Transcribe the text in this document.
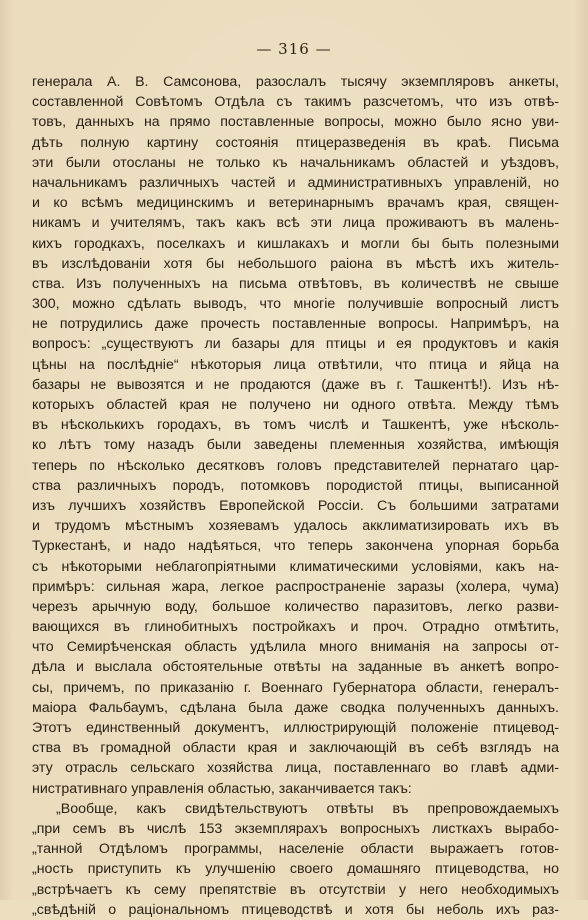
— 316 —
генерала А. В. Самсонова, разослалъ тысячу экземпляровъ анкеты,
составленной Совѣтомъ Отдѣла съ такимъ разсчетомъ, что изъ отвѣ-
товъ, данныхъ на прямо поставленные вопросы, можно было ясно уви-
дѣть полную картину состоянія птицеразведенія въ краѣ. Письма
эти были отосланы не только къ начальникамъ областей и уѣздовъ,
начальникамъ различныхъ частей и административныхъ управленій, но
и ко всѣмъ медицинскимъ и ветеринарнымъ врачамъ края, священ-
никамъ и учителямъ, такъ какъ всѣ эти лица проживаютъ въ малень-
кихъ городкахъ, поселкахъ и кишлакахъ и могли бы быть полезными
въ изслѣдованіи хотя бы небольшого раіона въ мѣстѣ ихъ житель-
ства. Изъ полученныхъ на письма отвѣтовъ, въ количествѣ не свыше
300, можно сдѣлать выводъ, что многіе получившіе вопросный листъ
не потрудились даже прочесть поставленные вопросы. Напримѣръ, на
вопросъ: „существуютъ ли базары для птицы и ея продуктовъ и какія
цѣны на послѣдніе“ нѣкоторыя лица отвѣтили, что птица и яйца на
базары не вывозятся и не продаются (даже въ г. Ташкентѣ!). Изъ нѣ-
которыхъ областей края не получено ни одного отвѣта. Между тѣмъ
въ нѣсколькихъ городахъ, въ томъ числѣ и Ташкентѣ, уже нѣсколь-
ко лѣтъ тому назадъ были заведены племенныя хозяйства, имѣющія
теперь по нѣсколько десятковъ головъ представителей пернатаго цар-
ства различныхъ породъ, потомковъ породистой птицы, выписанной
изъ лучшихъ хозяйствъ Европейской Россіи. Съ большими затратами
и трудомъ мѣстнымъ хозяевамъ удалось акклиматизировать ихъ въ
Туркестанѣ, и надо надѣяться, что теперь закончена упорная борьба
съ нѣкоторыми неблагопріятными климатическими условіями, какъ на-
примѣръ: сильная жара, легкое распространеніе заразы (холера, чума)
черезъ арычную воду, большое количество паразитовъ, легко разви-
вающихся въ глинобитныхъ постройкахъ и проч. Отрадно отмѣтить,
что Семирѣченская область удѣлила много вниманія на запросы от-
дѣла и выслала обстоятельные отвѣты на заданные въ анкетѣ вопро-
сы, причемъ, по приказанію г. Военнаго Губернатора области, генералъ-
маіора Фальбаумъ, сдѣлана была даже сводка полученныхъ данныхъ.
Этотъ единственный документъ, иллюстрирующій положеніе птицевод-
ства въ громадной области края и заключающій въ себѣ взглядъ на
эту отрасль сельскаго хозяйства лица, поставленнаго во главѣ адми-
нистративнаго управленія областью, заканчивается такъ:
„Вообще, какъ свидѣтельствуютъ отвѣты въ препровождаемыхъ
„при семъ въ числѣ 153 экземплярахъ вопросныхъ листкахъ вырабо-
„танной Отдѣломъ программы, населеніе области выражаетъ готов-
„ность приступить къ улучшенію своего домашняго птицеводства, но
„встрѣчаетъ къ сему препятствіе въ отсутствіи у него необходимыхъ
„свѣдѣній о раціональномъ птицеводствѣ и хотя бы неболь ихъ раз-
